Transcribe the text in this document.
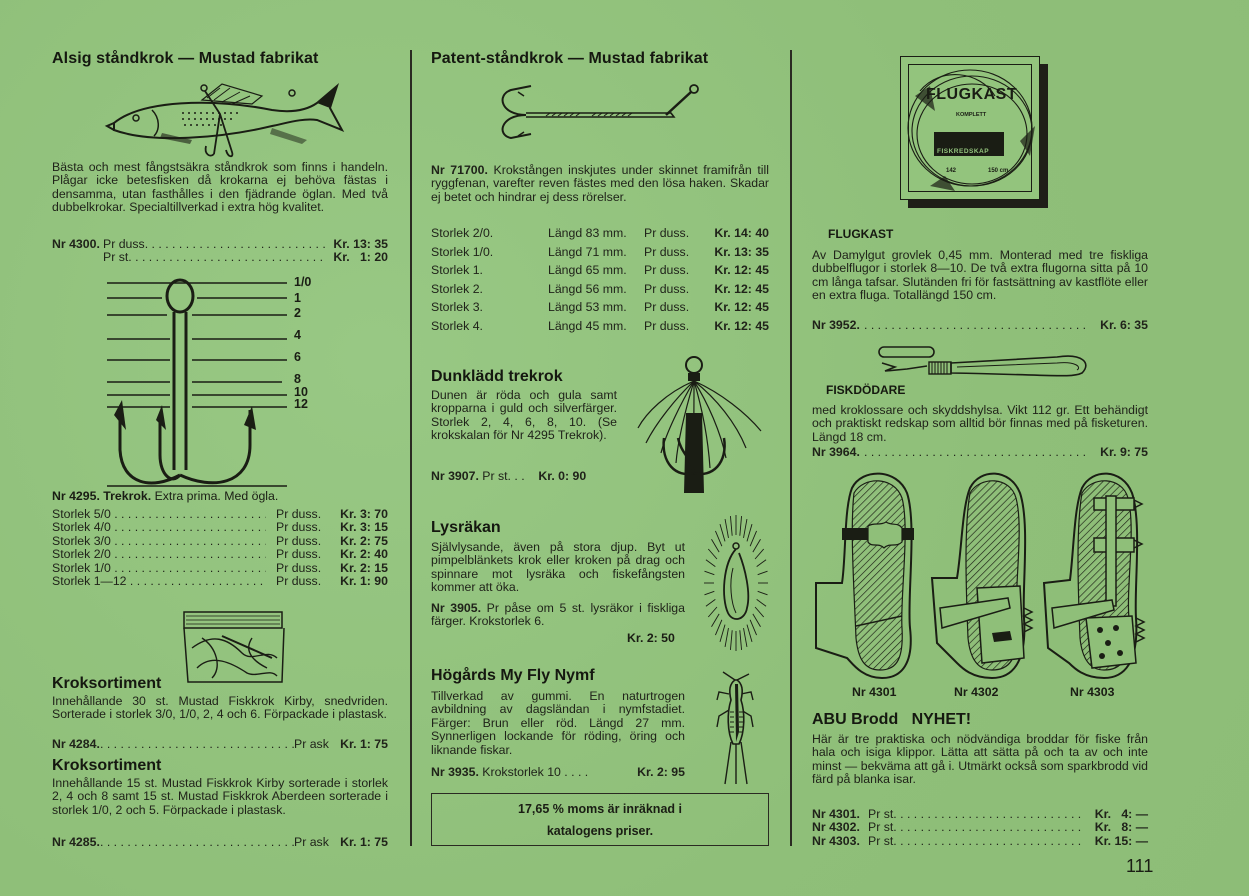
Alsig ståndkrok — Mustad fabrikat

Bästa och mest fångstsäkra ståndkrok som finns i handeln. Plågar icke betesfisken då krokarna ej behöva fästas i densamma, utan fasthålles i den fjädrande öglan. Med två dubbelkrokar. Specialtillverkad i extra hög kvalitet.

Nr 4300. Pr duss. . . .	Kr. 13: 35
Pr st. . . .	Kr.   1: 20
1/0
1
2
4
6
8
10
12
Nr 4295. Trekrok. Extra prima. Med ögla.
Storlek 5/0 . . .	Pr duss.	Kr. 3: 70
Storlek 4/0 . . .	Pr duss.	Kr. 3: 15
Storlek 3/0 . . .	Pr duss.	Kr. 2: 75
Storlek 2/0 . . .	Pr duss.	Kr. 2: 40
Storlek 1/0 . . .	Pr duss.	Kr. 2: 15
Storlek 1—12 . . .	Pr duss.	Kr. 1: 90
Kroksortiment

Innehållande 30 st. Mustad Fiskkrok Kirby, snedvriden. Sorterade i storlek 3/0, 1/0, 2, 4 och 6. Förpackade i plastask.

Nr 4284. . . .	Pr ask Kr. 1: 75
Kroksortiment

Innehållande 15 st. Mustad Fiskkrok Kirby sorterade i storlek 2, 4 och 8 samt 15 st. Mustad Fiskkrok Aberdeen sorterade i storlek 1/0, 2 och 5. Förpackade i plastask.

Nr 4285. . . .	Pr ask Kr. 1: 75
Patent-ståndkrok — Mustad fabrikat

Nr 71700. Krokstången inskjutes under skinnet framifrån till ryggfenan, varefter reven fästes med den lösa haken. Skadar ej betet och hindrar ej dess rörelser.

Storlek 2/0.	Längd 83 mm.	Pr duss.	Kr. 14: 40
Storlek 1/0.	Längd 71 mm.	Pr duss.	Kr. 13: 35
Storlek 1.	Längd 65 mm.	Pr duss.	Kr. 12: 45
Storlek 2.	Längd 56 mm.	Pr duss.	Kr. 12: 45
Storlek 3.	Längd 53 mm.	Pr duss.	Kr. 12: 45
Storlek 4.	Längd 45 mm.	Pr duss.	Kr. 12: 45
Dunklädd trekrok

Dunen är röda och gula samt kropparna i guld och silverfärger. Storlek 2, 4, 6, 8, 10. (Se krokskalan för Nr 4295 Trekrok).

Nr 3907.
Pr st. . .
Kr. 0: 90
Lysräkan

Självlysande, även på stora djup. Byt ut pimpelblänkets krok eller kroken på drag och spinnare mot lysräka och fiskefångsten kommer att öka.

Nr 3905. Pr påse om 5 st. lysräkor i fiskliga färger. Krokstorlek 6.

Kr. 2: 50
Högårds My Fly Nymf

Tillverkad av gummi. En naturtrogen avbildning av dagsländan i nymfstadiet. Färger: Brun eller röd. Längd 27 mm. Synnerligen lockande för röding, öring och liknande fiskar.

Nr 3935.
Krokstorlek 10 . . . .	Kr. 2: 95
17,65 % moms är inräknad i
katalogens priser.
FLUGKAST
KOMPLETT
FISKREDSKAP
142	150 cm
FLUGKAST

Av Damylgut grovlek 0,45 mm. Monterad med tre fiskliga dubbelflugor i storlek 8—10. De två extra flugorna sitta på 10 cm långa tafsar. Slutänden fri för fastsättning av kastflöte eller en extra fluga. Totallängd 150 cm.

Nr 3952. . . .	Kr. 6: 35
FISKDÖDARE

med kroklossare och skyddshylsa. Vikt 112 gr. Ett behändigt och praktiskt redskap som alltid bör finnas med på fisketuren. Längd 18 cm.

Nr 3964. . . .	Kr. 9: 75
Nr 4301	Nr 4302	Nr 4303
ABU Brodd NYHET!

Här är tre praktiska och nödvändiga broddar för fiske från hala och isiga klippor. Lätta att sätta på och ta av och inte minst — bekväma att gå i. Utmärkt också som sparkbrodd vid färd på blanka isar.

Nr 4301. Pr st. . . .	Kr.   4: —
Nr 4302. Pr st. . . .	Kr.   8: —
Nr 4303. Pr st. . . .	Kr. 15: —
111
